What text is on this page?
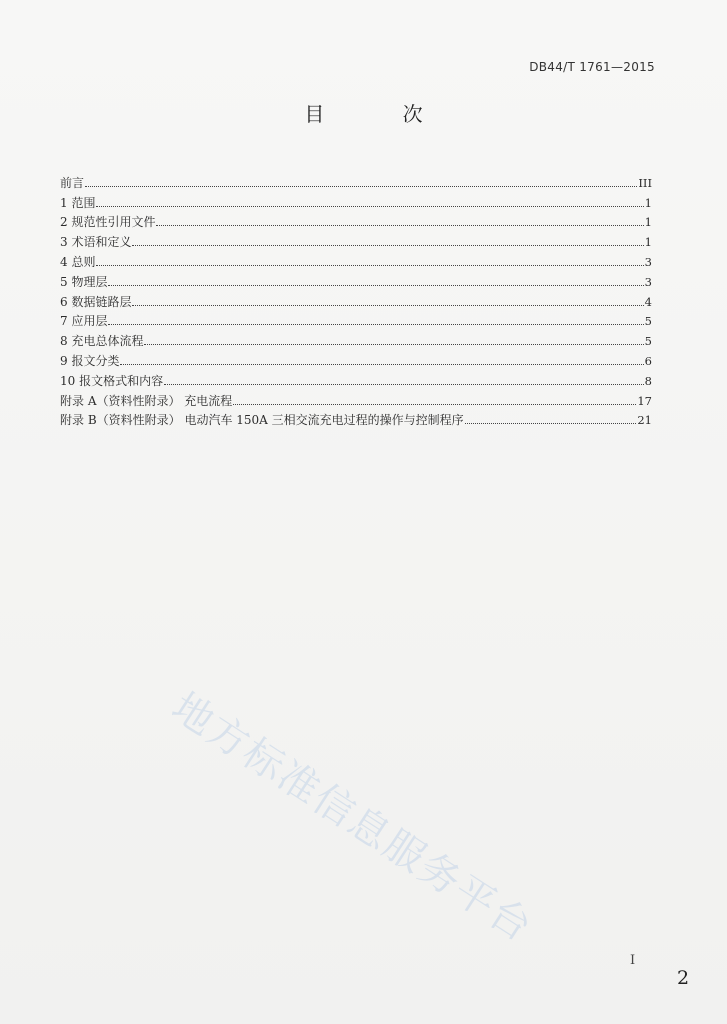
DB44/T 1761—2015
目 次
前言	III
1 范围	1
2 规范性引用文件	1
3 术语和定义	1
4 总则	3
5 物理层	3
6 数据链路层	4
7 应用层	5
8 充电总体流程	5
9 报文分类	6
10 报文格式和内容	8
附录 A（资料性附录） 充电流程	17
附录 B（资料性附录） 电动汽车 150A 三相交流充电过程的操作与控制程序	21
地方标准信息服务平台
I
2
